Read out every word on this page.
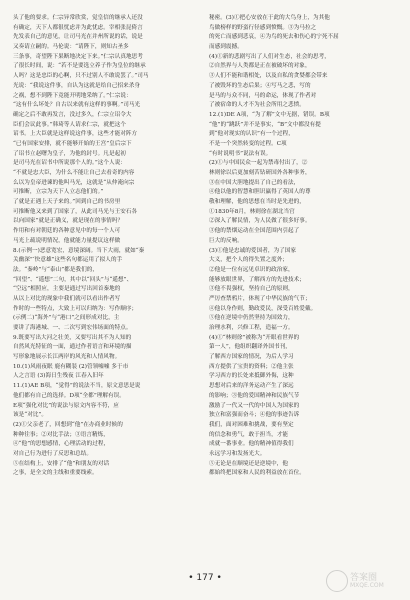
头了他的要求。仁宗异常欣赏，觉皇信的继承人还没
有确定，天下人都很忧虑并为此忧虑。宰相张昆倚言
先发表自己的意见，让司马光在并州所说的话，说是
又奏请立嗣的。马伦说：“请陛下，则知古圣多
三条事，奇望陛下果断地决定下来。”仁宗认真地思考
了很长时间，说：“若不是要选立养子作为皇位的继承
人吗？这是忠臣的心啊，只不过别人不敢说罢了。”司马
光说：“我说这件事，自认为这就是给自己招来杀身
之祸，想不到陛下竟能开明地采纳了。”仁宗说：
“这有什么坏处？自古以来就有这样的事啊。”司马光
确定之后不敢再发言，没过多久，仁宗立诏令大
臣们会议此事。”韩琦等人请求仁宗，就把这个
诏书。上大臣就是这样说这件事，这些才能对阵方
“已有国家安排，就不能够开始的王宫”皇后宗下
了诏书立赵曙为皇子，为他的封号。凡是起初
是司马光在诏书中所说那个人的。”这个人说：
“不就是忠大臣，为什么不能让自己去看奇的内容
么以为皇帝进谏的他叫马光，这就是“从仲淹向宗
可推断，立宗为天下人立志他们的。”
了就是正遇上天子来的。”回到自己的书房里
可推断他又来到了国家了，从此司马光与王安石各
以向国家”就是正确义，就是现在的事情吗？
作用和有对朝廷的各种意见中的每一个人可
马光上疏说明情况，他就能力量提议这样做
8.(示例一)恶意宽宏，意境深阔。当下大雨，就如“秦
关幽深”‘快意雄”这些名句都运用了拟人的手
法。“秦岭”与“泰山”都是我们的，
“回望”、“遥想”二句，其中以“回头”与“遥想”、
“空远”相照应，主要是通过写出回首秦地的
从以上对比的现象中我们就可以看出作者写
作时的一些特点，大致上可以归纳为：写作顺序；
(示例二)“海外”与“港口”之间形成对比，主
要讲了海港城、一、二次写到宏伟场面的特点。
9.既要写出大河之壮美，又要写出其不为人知的
自然风光特征的一面，通过作者语言和环境的描
写形象地展示长江两岸的风光和人情风物。
10.(1)风雨夜眠 鹿有糊装 (2)管领嘘嘘 多于市
人之言语 (3)海日生残夜 江春入旧年
11.(1)AE B项，“觉得”的说法不当，原文意思是说
他们都有自己的选择。D项“全都”理解有误。
E项“强化对比”的说法与原文内容不符，应
该是“对比”。
(2)①父亲老了，回想到“他”在办商业时候的
种种往事；②对比手法；③语言精炼，
④“他”的思想感情，心理活动的过程，
对自己行为进行了反思和总结。
⑤在结构上，安排了“他”和朋友的对话
之事，是全文的主线和重要线索。
秘密。(3)①把心安放在于此的大鸟身上，为其他
鸟做榜样的野蛮行径感到愤慨。③为马拉之
的死亡而感到悲哀，④为鸟的死去和伤心的宁死不屈
而感到震撼。
(4)①新的悲剧写出了人们对生态，社会的思考，
②自然界与人类都是正在被破坏的对象，
③人们不能和谐相处，以及自私的贪婪都会带来
了被毁坏的生态后果；④写马之悲，写的
是马的与众不同，马的命运，体现了作者对
了被宿命的人才不为社会所用之悲愤。
12.(1)DE A项，“为了解”文中无据，错误。B项
“他”的“跳跃”并不是事实，“B”文中都没有提
到“他对现实的认识”有一个过程，
不是一个突然转变的过程。C项
“有时说明书”说法有误。
(2)①与中国民众一起为禁毒付出了，②
林则徐以后更加刻苦钻研国外各种事务，
③在中国大胆地提出了自己的看法，
④他以他的智慧和胆识赢得了英国人的尊
敬和理解，他的思想在当时是先进的，
①1830年8月，林则徐在湖北当官
②深入了解民情，为人民做了很多好事。
③他的禁烟运动在全国范围内引起了
巨大的反响。
(3)①他是忠诚的爱国者，为了国家
大义，把个人的得失置之度外；
②他是一位有远见卓识的政治家，
能够放眼世界，了解西方的先进技术；
③他不畏强权，坚持自己的原则，
严厉查禁鸦片，体现了中华民族的气节；
④他以身作则，勤政爱民，深受百姓爱戴。
⑤他在逆境中仍然坚持为国效力，
治理水利，兴修工程，造福一方。
(4)①“林则徐”被称为“开眼看世界的
第一人”，他组织翻译外国书刊，
了解西方国家的情况，为后人学习
西方提供了宝贵的资料；②他主张
学习西方的长处来抵御外侮，这种
思想对后来的洋务运动产生了深远
的影响；③他的爱国精神和民族气节
激励了一代又一代的中国人为国家的
独立和富强而奋斗；④他的事迹告诉
我们，面对困难和挑战，要有坚定
的信念和勇气，敢于担当，才能
成就一番事业。他的精神值得我们
永远学习和发扬光大。
⑤无论是在顺境还是逆境中，他
都始终把国家和人民的利益放在首位。
• 177 •	答案圈
MXQE.COM
